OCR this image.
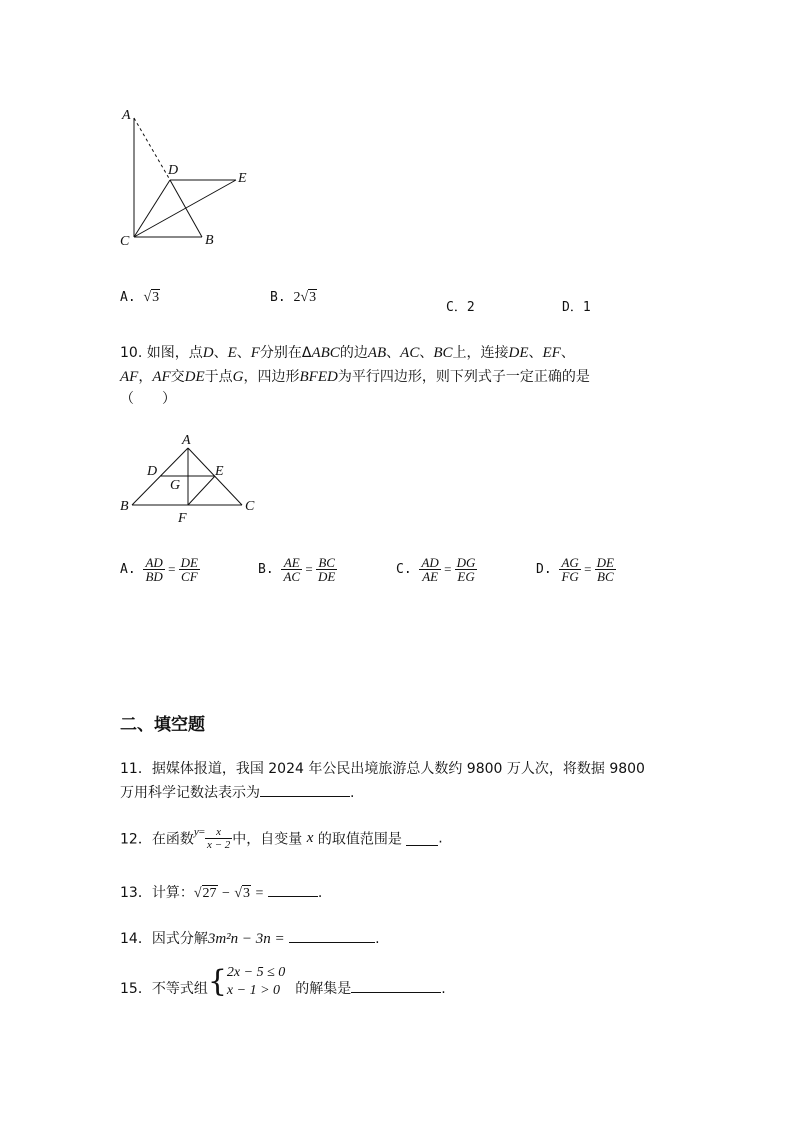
A
D
E
C	B
A. √3	B. 2√3
C．2	D．1
10. 如图，点D、E、F分别在ΔABC的边AB、AC、BC上，连接DE、EF、
AF，AF交DE于点G，四边形BFED为平行四边形，则下列式子一定正确的是
（　　）
A
D	E
G
B	C
F
A. $\frac{AD}{BD} = \frac{DE}{CF}$	B. $\frac{AE}{AC} = \frac{BC}{DE}$	C. $\frac{AD}{AE} = \frac{DG}{EG}$	D. $\frac{AG}{FG} = \frac{DE}{BC}$
二、填空题
11．据媒体报道，我国 2024 年公民出境旅游总人数约 9800 万人次，将数据 9800
万用科学记数法表示为	.
12．在函数$^{y=} \frac{x}{x - 2}$ 中，自变量 x 的取值范围是	.
13．计算：√27 − √3 =	.
14．因式分解3m²n − 3n =	.
15．不等式组{ 2x − 5 ≤ 0
x − 1 > 0	的解集是	.
